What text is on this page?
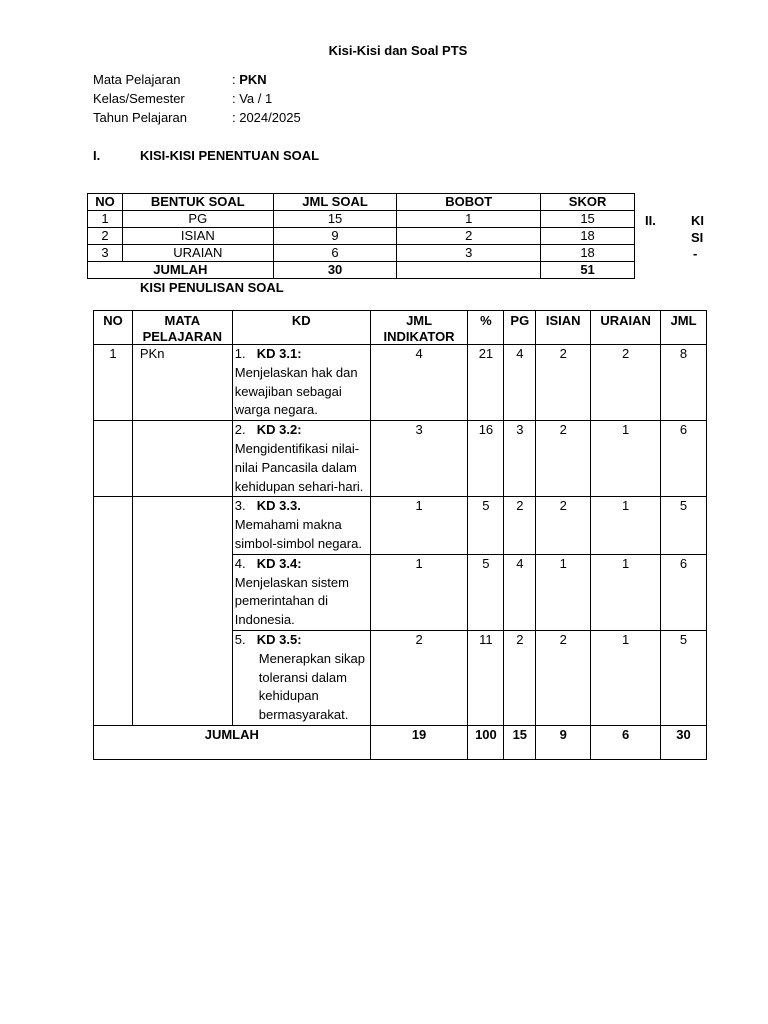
Kisi-Kisi dan Soal PTS
Mata Pelajaran	: PKN
Kelas/Semester	: Va / 1
Tahun Pelajaran	: 2024/2025
I.	KISI-KISI PENENTUAN SOAL
NO	BENTUK SOAL	JML SOAL	BOBOT	SKOR
1	PG	15	1	15
2	ISIAN	9	2	18
3	URAIAN	6	3	18
JUMLAH		30		51
II.	KI
SI
-
KISI PENULISAN SOAL
NO	MATA PELAJARAN	KD	JML INDIKATOR	%	PG	ISIAN	URAIAN	JML
1	PKn	1. KD 3.1:
Menjelaskan hak dan kewajiban sebagai warga negara.	4	21	4	2	2	8
		2. KD 3.2:
Mengidentifikasi nilai-nilai Pancasila dalam kehidupan sehari-hari.	3	16	3	2	1	6
		3. KD 3.3.
Memahami makna simbol-simbol negara.	1	5	2	2	1	5
		4. KD 3.4:
Menjelaskan sistem pemerintahan di Indonesia.	1	5	4	1	1	6
		5. KD 3.5:
Menerapkan sikap toleransi dalam kehidupan bermasyarakat.	2	11	2	2	1	5
JUMLAH			19	100	15	9	6	30
